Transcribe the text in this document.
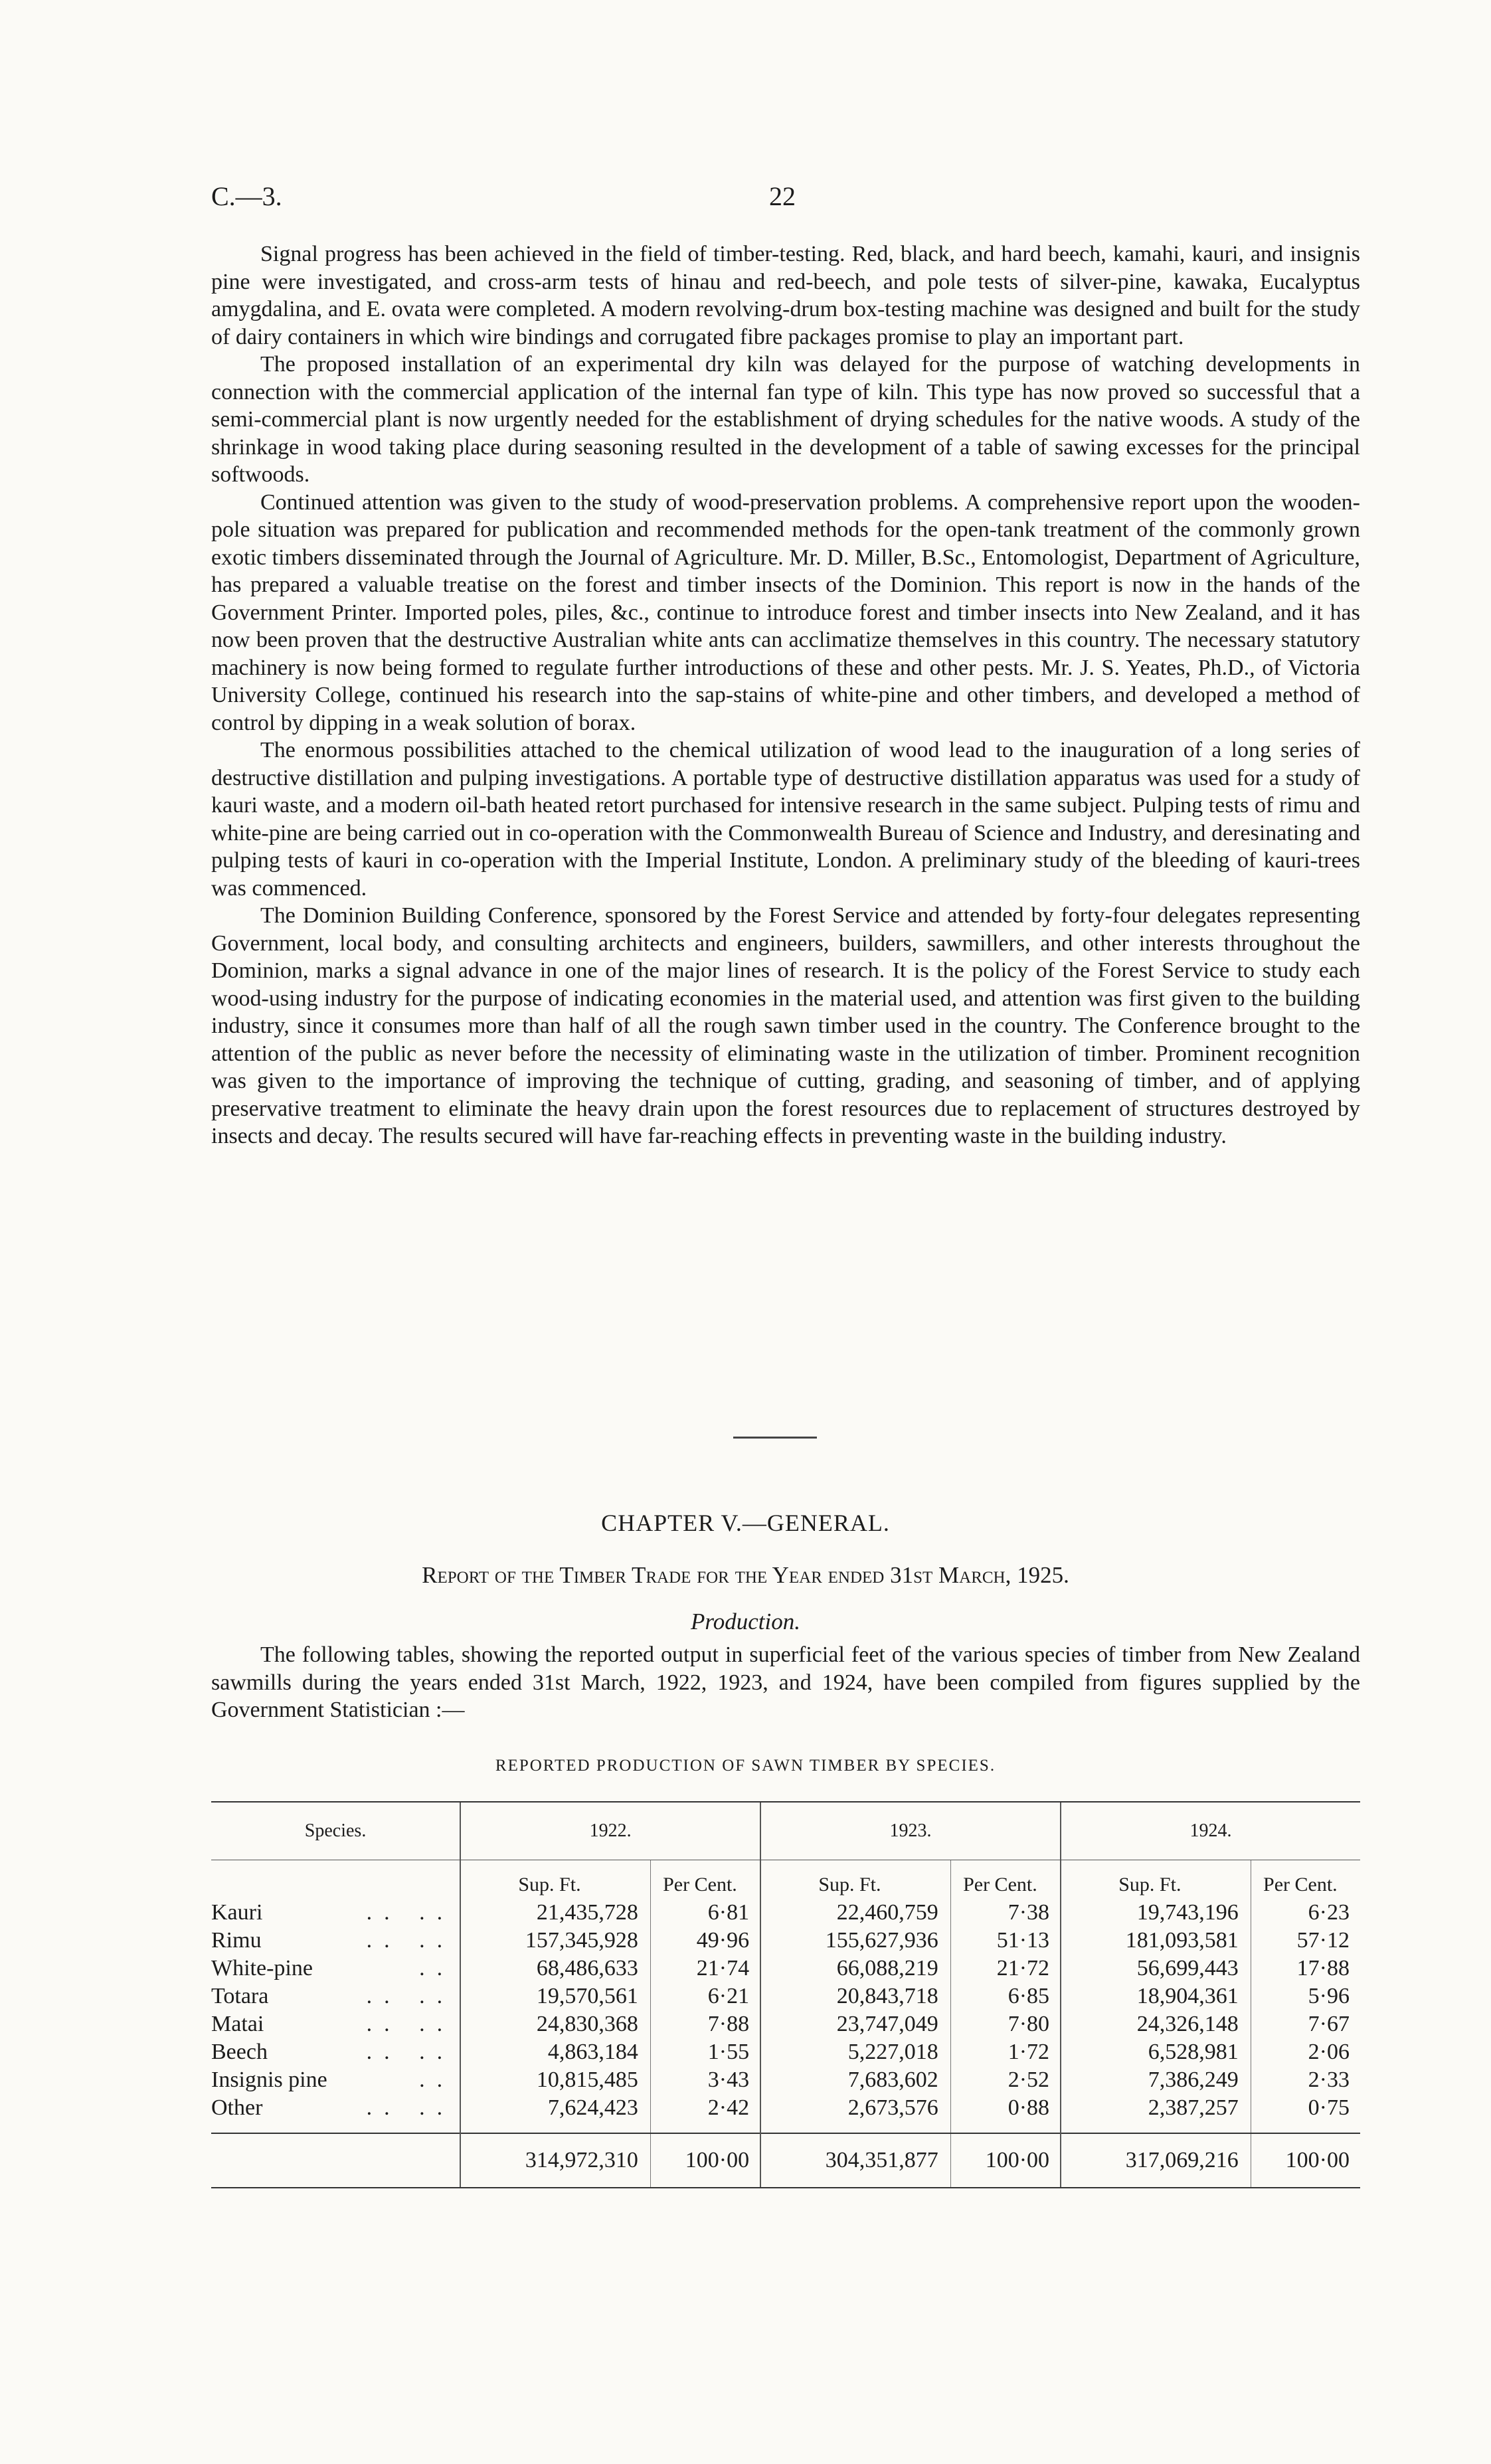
C.—3.	22

Signal progress has been achieved in the field of timber-testing. Red, black, and hard beech, kamahi, kauri, and insignis pine were investigated, and cross-arm tests of hinau and red-beech, and pole tests of silver-pine, kawaka, Eucalyptus amygdalina, and E. ovata were completed. A modern revolving-drum box-testing machine was designed and built for the study of dairy containers in which wire bindings and corrugated fibre packages promise to play an important part.

The proposed installation of an experimental dry kiln was delayed for the purpose of watching developments in connection with the commercial application of the internal fan type of kiln. This type has now proved so successful that a semi-commercial plant is now urgently needed for the establishment of drying schedules for the native woods. A study of the shrinkage in wood taking place during seasoning resulted in the development of a table of sawing excesses for the principal softwoods.

Continued attention was given to the study of wood-preservation problems. A comprehensive report upon the wooden-pole situation was prepared for publication and recommended methods for the open-tank treatment of the commonly grown exotic timbers disseminated through the Journal of Agriculture. Mr. D. Miller, B.Sc., Entomologist, Department of Agriculture, has prepared a valuable treatise on the forest and timber insects of the Dominion. This report is now in the hands of the Government Printer. Imported poles, piles, &c., continue to introduce forest and timber insects into New Zealand, and it has now been proven that the destructive Australian white ants can acclimatize themselves in this country. The necessary statutory machinery is now being formed to regulate further introductions of these and other pests. Mr. J. S. Yeates, Ph.D., of Victoria University College, continued his research into the sap-stains of white-pine and other timbers, and developed a method of control by dipping in a weak solution of borax.

The enormous possibilities attached to the chemical utilization of wood lead to the inauguration of a long series of destructive distillation and pulping investigations. A portable type of destructive distillation apparatus was used for a study of kauri waste, and a modern oil-bath heated retort purchased for intensive research in the same subject. Pulping tests of rimu and white-pine are being carried out in co-operation with the Commonwealth Bureau of Science and Industry, and deresinating and pulping tests of kauri in co-operation with the Imperial Institute, London. A preliminary study of the bleeding of kauri-trees was commenced.

The Dominion Building Conference, sponsored by the Forest Service and attended by forty-four delegates representing Government, local body, and consulting architects and engineers, builders, sawmillers, and other interests throughout the Dominion, marks a signal advance in one of the major lines of research. It is the policy of the Forest Service to study each wood-using industry for the purpose of indicating economies in the material used, and attention was first given to the building industry, since it consumes more than half of all the rough sawn timber used in the country. The Conference brought to the attention of the public as never before the necessity of eliminating waste in the utilization of timber. Prominent recognition was given to the importance of improving the technique of cutting, grading, and seasoning of timber, and of applying preservative treatment to eliminate the heavy drain upon the forest resources due to replacement of structures destroyed by insects and decay. The results secured will have far-reaching effects in preventing waste in the building industry.

CHAPTER V.—GENERAL.
Report of the Timber Trade for the Year ended 31st March, 1925.
Production.

The following tables, showing the reported output in superficial feet of the various species of timber from New Zealand sawmills during the years ended 31st March, 1922, 1923, and 1924, have been compiled from figures supplied by the Government Statistician :—

REPORTED PRODUCTION OF SAWN TIMBER BY SPECIES.
Species.	1922.		1923.		1924.	
	Sup. Ft.	Per Cent.	Sup. Ft.	Per Cent.	Sup. Ft.	Per Cent.

Kauri .. ..	21,435,728	6·81	22,460,759	7·38	19,743,196	6·23

Rimu .. ..	157,345,928	49·96	155,627,936	51·13	181,093,581	57·12

White-pine ..	68,486,633	21·74	66,088,219	21·72	56,699,443	17·88

Totara .. ..	19,570,561	6·21	20,843,718	6·85	18,904,361	5·96

Matai .. ..	24,830,368	7·88	23,747,049	7·80	24,326,148	7·67

Beech .. ..	4,863,184	1·55	5,227,018	1·72	6,528,981	2·06

Insignis pine ..	10,815,485	3·43	7,683,602	2·52	7,386,249	2·33

Other .. ..	7,624,423	2·42	2,673,576	0·88	2,387,257	0·75

	314,972,310	100·00	304,351,877	100·00	317,069,216	100·00
